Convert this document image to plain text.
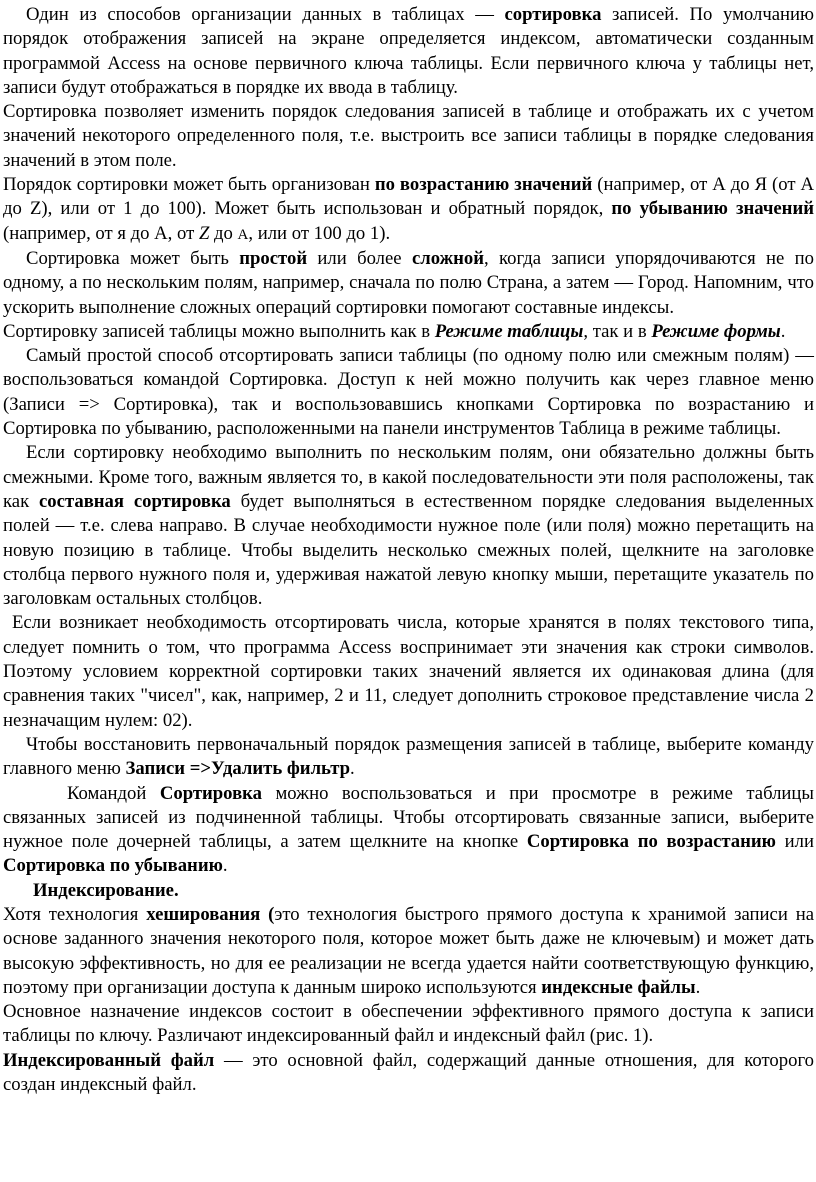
Один из способов организации данных в таблицах — сортировка записей. По умолчанию порядок отображения записей на экране определяется индексом, автоматически созданным программой Access на основе первичного ключа таблицы. Если первичного ключа у таблицы нет, записи будут отображаться в порядке их ввода в таблицу.

Сортировка позволяет изменить порядок следования записей в таблице и отображать их с учетом значений некоторого определенного поля, т.е. выстроить все записи таблицы в порядке следования значений в этом поле.

Порядок сортировки может быть организован по возрастанию значений (например, от А до Я (от А до Z), или от 1 до 100). Может быть использован и обратный порядок, по убыванию значений (например, от я до А, от Z до А, или от 100 до 1).

Сортировка может быть простой или более сложной, когда записи упорядочиваются не по одному, а по нескольким полям, например, сначала по полю Страна, а затем — Город. Напомним, что ускорить выполнение сложных операций сортировки помогают составные индексы.

Сортировку записей таблицы можно выполнить как в Режиме таблицы, так и в Режиме формы.

Самый простой способ отсортировать записи таблицы (по одному полю или смежным полям) — воспользоваться командой Сортировка. Доступ к ней можно получить как через главное меню (Записи => Сортировка), так и воспользовавшись кнопками Сортировка по возрастанию и Сортировка по убыванию, расположенными на панели инструментов Таблица в режиме таблицы.

Если сортировку необходимо выполнить по нескольким полям, они обязательно должны быть смежными. Кроме того, важным является то, в какой последовательности эти поля расположены, так как составная сортировка будет выполняться в естественном порядке следования выделенных полей — т.е. слева направо. В случае необходимости нужное поле (или поля) можно перетащить на новую позицию в таблице. Чтобы выделить несколько смежных полей, щелкните на заголовке столбца первого нужного поля и, удерживая нажатой левую кнопку мыши, перетащите указатель по заголовкам остальных столбцов.

Если возникает необходимость отсортировать числа, которые хранятся в полях текстового типа, следует помнить о том, что программа Access воспринимает эти значения как строки символов. Поэтому условием корректной сортировки таких значений является их одинаковая длина (для сравнения таких "чисел", как, например, 2 и 11, следует дополнить строковое представление числа 2 незначащим нулем: 02).

Чтобы восстановить первоначальный порядок размещения записей в таблице, выберите команду главного меню Записи =>Удалить фильтр.

Командой Сортировка можно воспользоваться и при просмотре в режиме таблицы связанных записей из подчиненной таблицы. Чтобы отсортировать связанные записи, выберите нужное поле дочерней таблицы, а затем щелкните на кнопке Сортировка по возрастанию или Сортировка по убыванию.

Индексирование.

Хотя технология хеширования (это технология быстрого прямого доступа к хранимой записи на основе заданного значения некоторого поля, которое может быть даже не ключевым) и может дать высокую эффективность, но для ее реализации не всегда удается найти соответствующую функцию, поэтому при организации доступа к данным широко используются индексные файлы.

Основное назначение индексов состоит в обеспечении эффективного прямого доступа к записи таблицы по ключу. Различают индексированный файл и индексный файл (рис. 1).

Индексированный файл — это основной файл, содержащий данные отношения, для которого создан индексный файл.
